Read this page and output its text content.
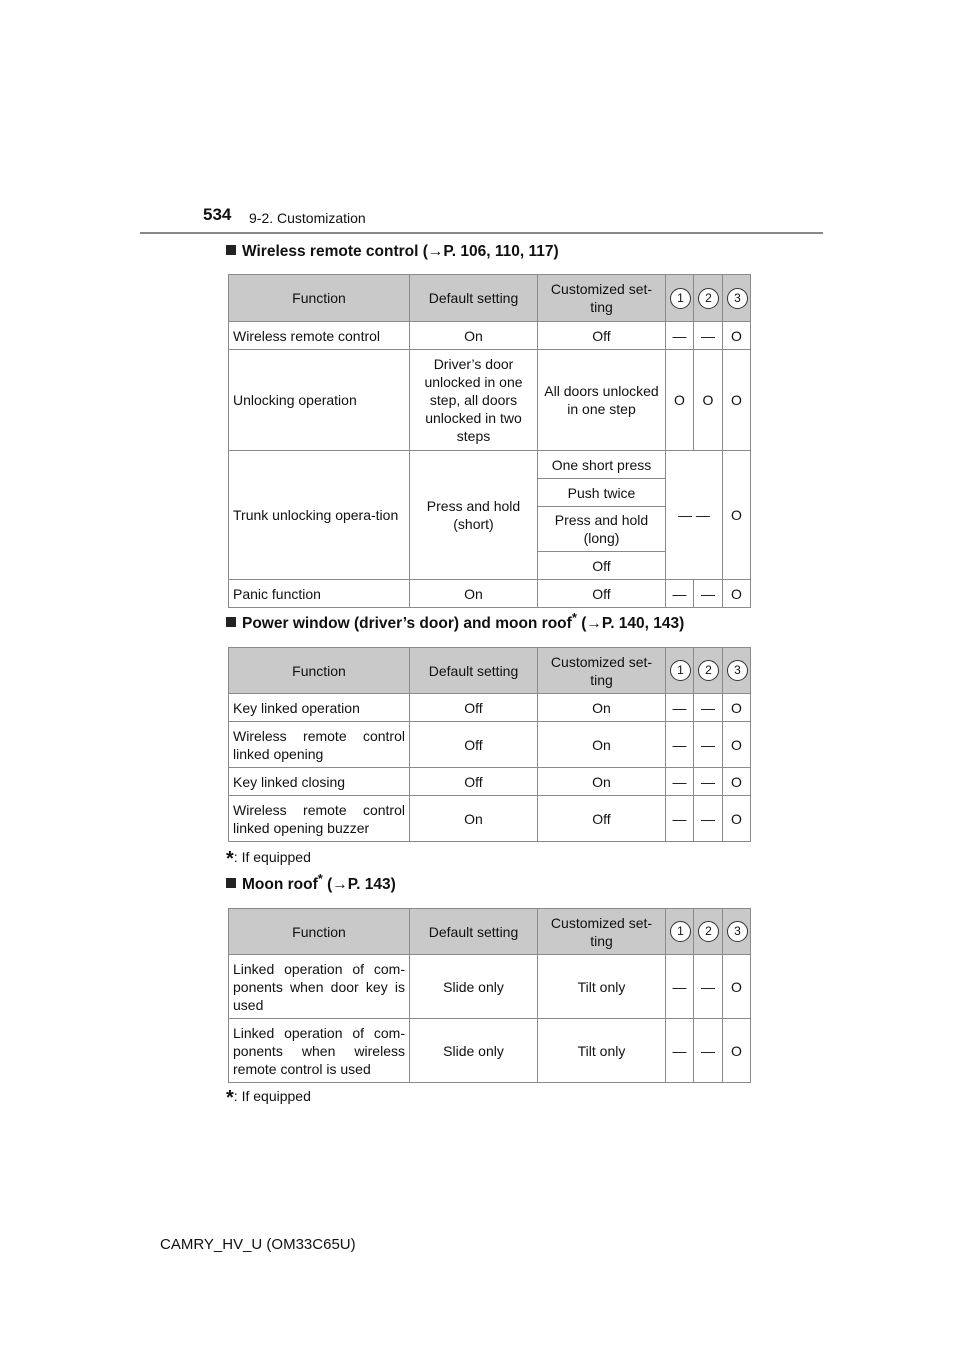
534 9-2. Customization
Wireless remote control (→P. 106, 110, 117)
Function	Default setting	Customized set-ting	1	2	3
Wireless remote control	On	Off	—	—	O
Unlocking operation	Driver’s door unlocked in one step, all doors unlocked in two steps	All doors unlocked in one step	O	O	O
Trunk unlocking opera-tion	Press and hold (short)	One short press	— —		O
		Push twice			
		Press and hold (long)			
		Off			
Panic function	On	Off	—	—	O
Power window (driver’s door) and moon roof* (→P. 140, 143)
Function	Default setting	Customized set-ting	1	2	3
Key linked operation	Off	On	—	—	O
Wireless remote control linked opening	Off	On	—	—	O
Key linked closing	Off	On	—	—	O
Wireless remote control linked opening buzzer	On	Off	—	—	O
*: If equipped
Moon roof* (→P. 143)
Function	Default setting	Customized set-ting	1	2	3
Linked operation of com-ponents when door key is used	Slide only	Tilt only	—	—	O
Linked operation of com-ponents when wireless remote control is used	Slide only	Tilt only	—	—	O
*: If equipped
CAMRY_HV_U (OM33C65U)
